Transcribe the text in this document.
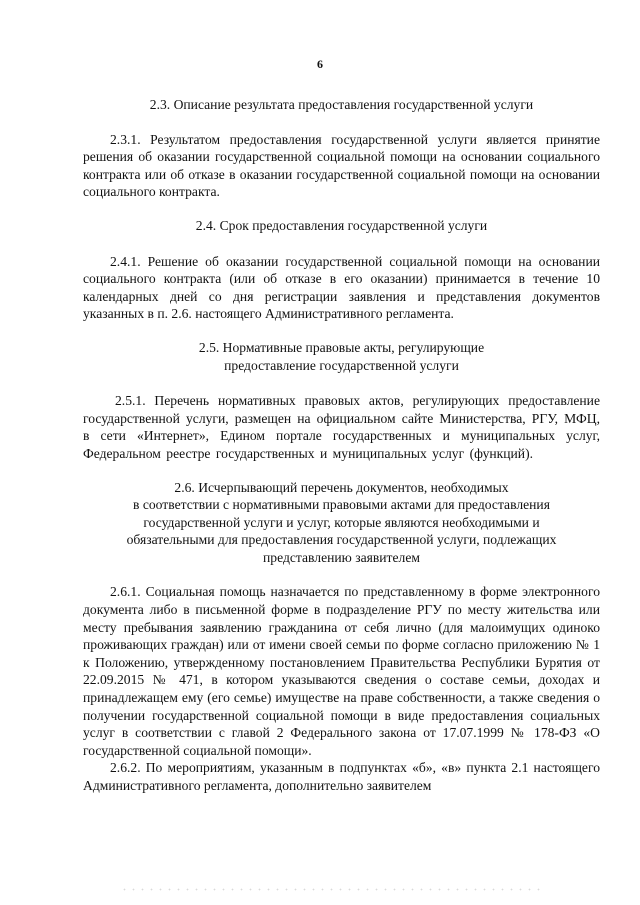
6
2.3. Описание результата предоставления государственной услуги

2.3.1. Результатом предоставления государственной услуги является принятие решения об оказании государственной социальной помощи на основании социального контракта или об отказе в оказании государственной социальной помощи на основании социального контракта.

2.4. Срок предоставления государственной услуги

2.4.1. Решение об оказании государственной социальной помощи на основании социального контракта (или об отказе в его оказании) принимается в течение 10 календарных дней со дня регистрации заявления и представления документов указанных в п. 2.6. настоящего Административного регламента.

2.5. Нормативные правовые акты, регулирующие
предоставление государственной услуги

2.5.1. Перечень нормативных правовых актов, регулирующих предоставление государственной услуги, размещен на официальном сайте Министерства, РГУ, МФЦ, в сети «Интернет», Едином портале государственных и муниципальных услуг, Федеральном реестре государственных и муниципальных услуг (функций).

2.6. Исчерпывающий перечень документов, необходимых
в соответствии с нормативными правовыми актами для предоставления
государственной услуги и услуг, которые являются необходимыми и
обязательными для предоставления государственной услуги, подлежащих
представлению заявителем

2.6.1. Социальная помощь назначается по представленному в форме электронного документа либо в письменной форме в подразделение РГУ по месту жительства или месту пребывания заявлению гражданина от себя лично (для малоимущих одиноко проживающих граждан) или от имени своей семьи по форме согласно приложению № 1 к Положению, утвержденному постановлением Правительства Республики Бурятия от 22.09.2015 № 471, в котором указываются сведения о составе семьи, доходах и принадлежащем ему (его семье) имуществе на праве собственности, а также сведения о получении государственной социальной помощи в виде предоставления социальных услуг в соответствии с главой 2 Федерального закона от 17.07.1999 № 178-ФЗ «О государственной социальной помощи».

2.6.2. По мероприятиям, указанным в подпунктах «б», «в» пункта 2.1 настоящего Административного регламента, дополнительно заявителем
